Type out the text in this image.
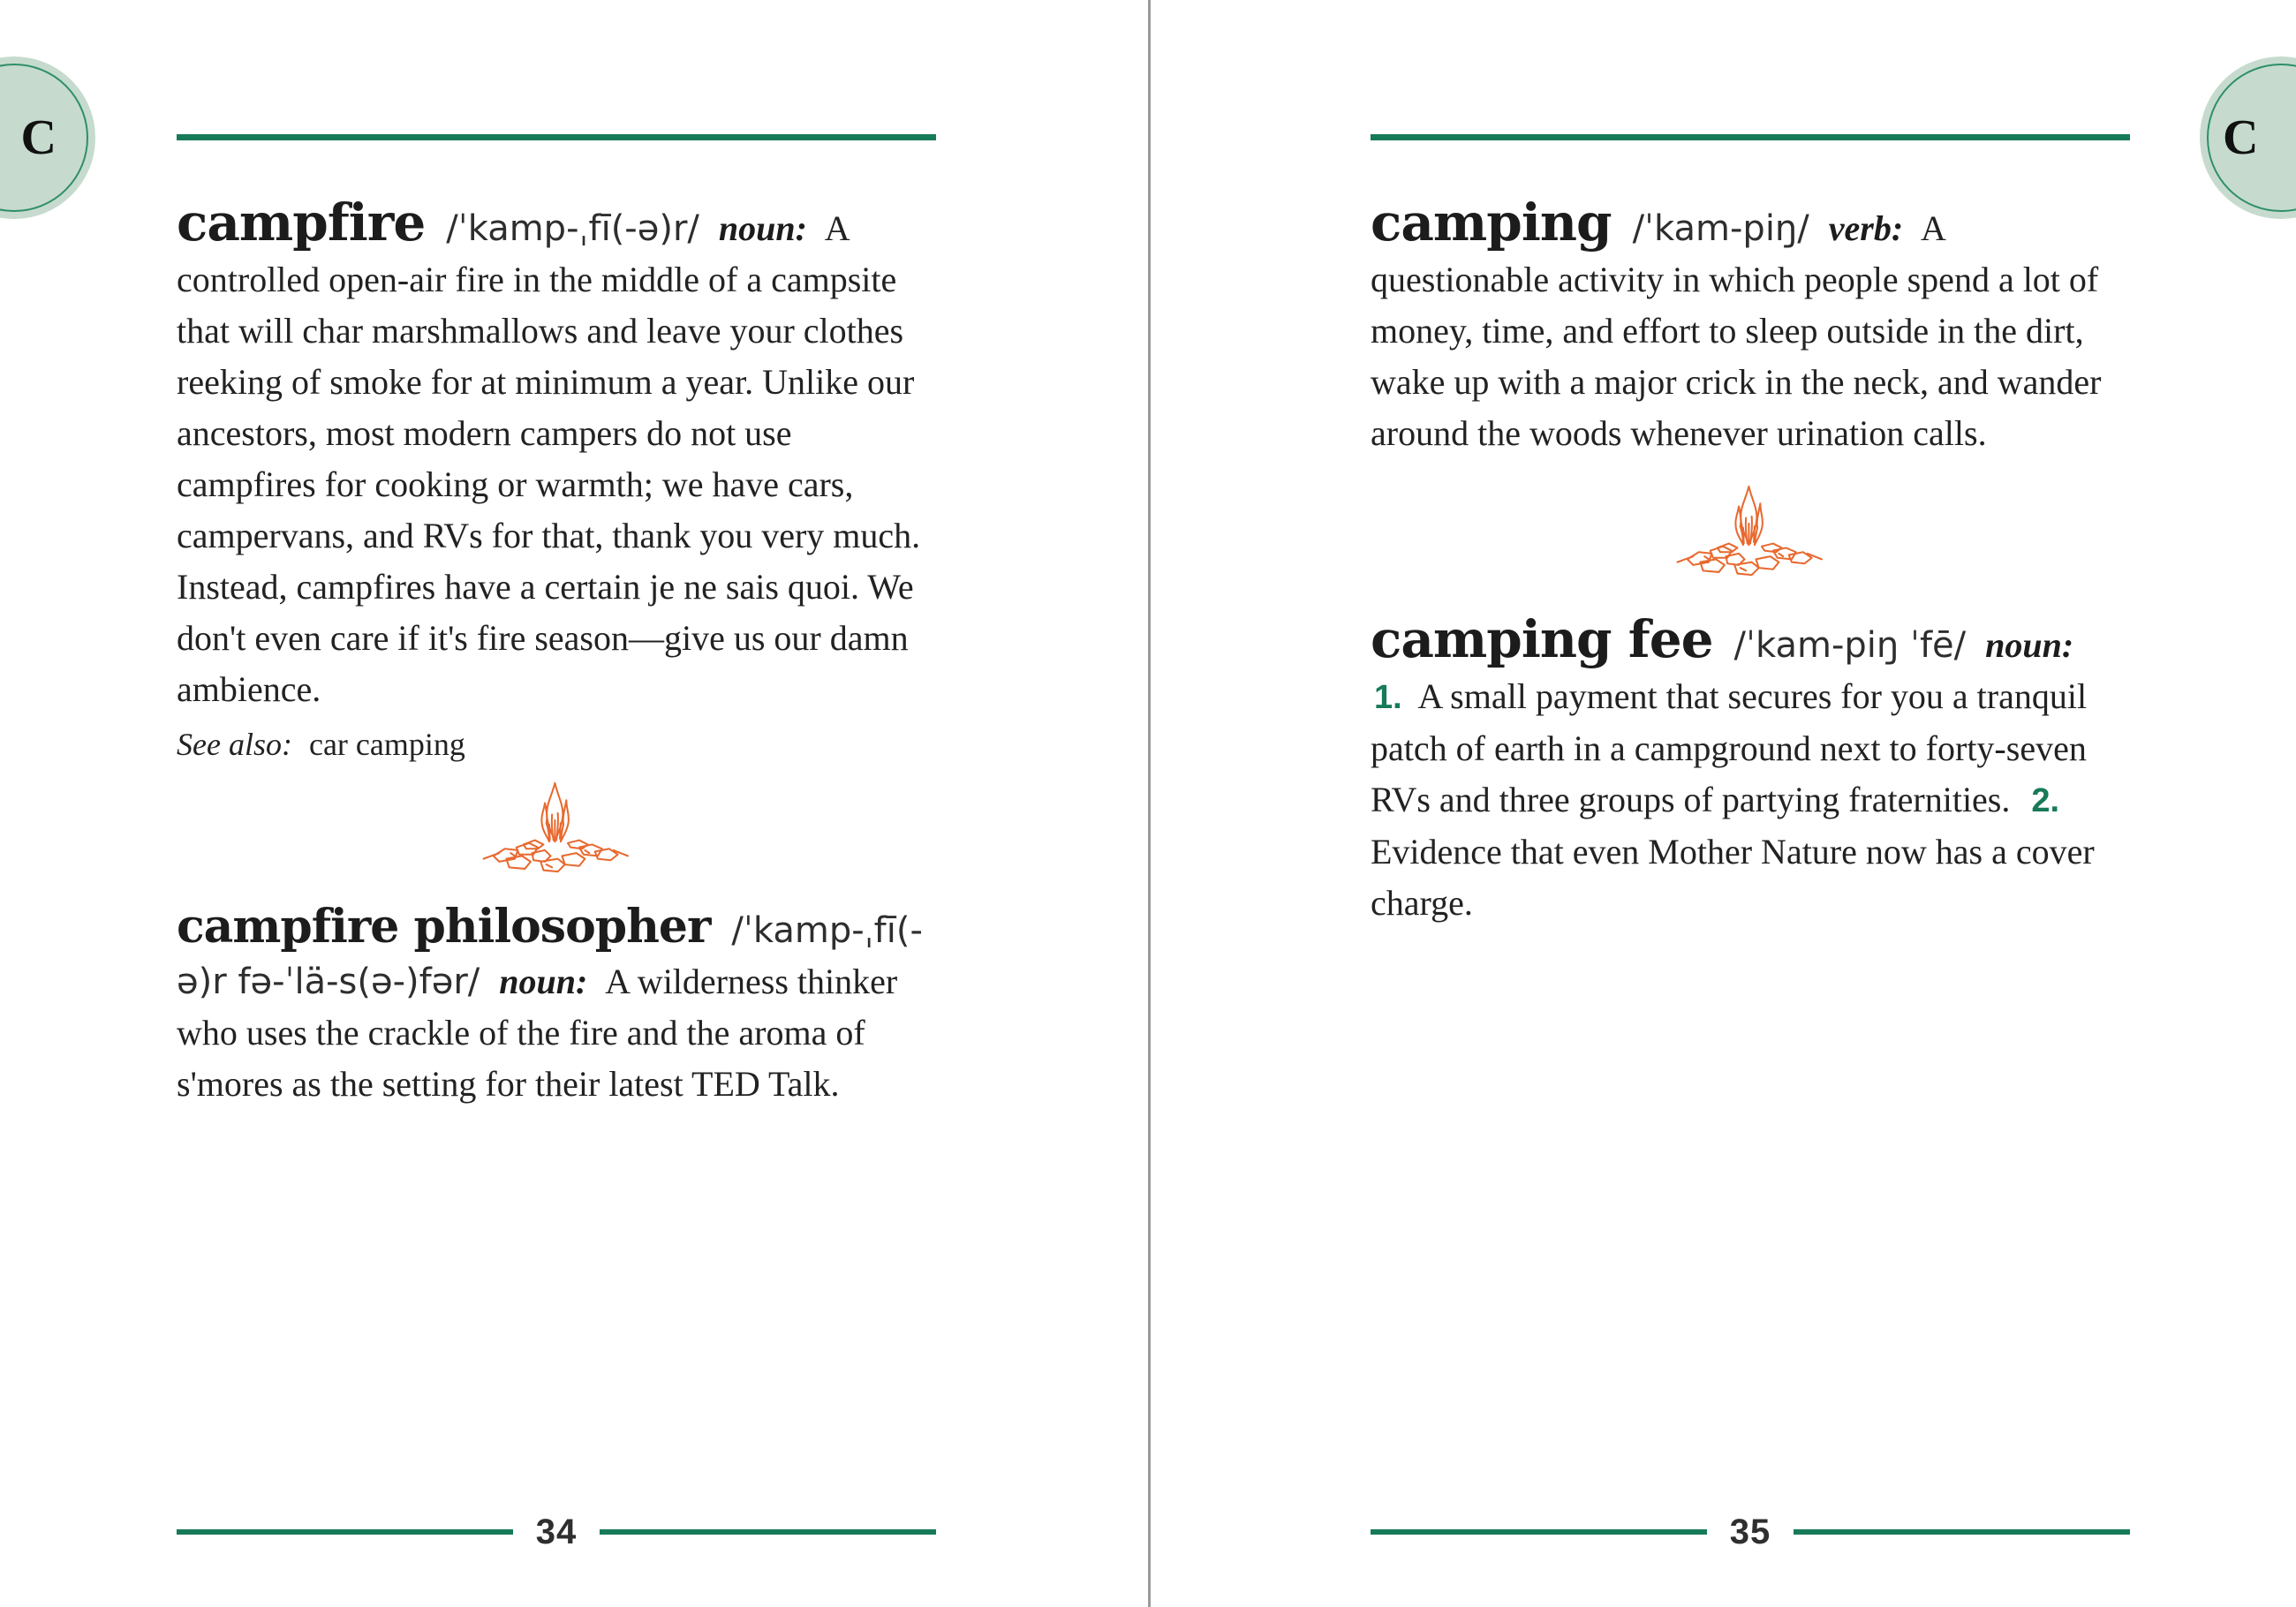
C	C

campfire /ˈkamp-ˌfī(-ə)r/ noun: A controlled open-air fire in the middle of a campsite that will char marshmallows and leave your clothes reeking of smoke for at minimum a year. Unlike our ancestors, most modern campers do not use campfires for cooking or warmth; we have cars, campervans, and RVs for that, thank you very much. Instead, campfires have a certain je ne sais quoi. We don't even care if it's fire season—give us our damn ambience.

See also: car camping

campfire philosopher /ˈkamp-ˌfī(-ə)r fə-ˈlä-s(ə-)fər/ noun: A wilderness thinker who uses the crackle of the fire and the aroma of s'mores as the setting for their latest TED Talk.

34

camping /ˈkam-piŋ/ verb: A questionable activity in which people spend a lot of money, time, and effort to sleep outside in the dirt, wake up with a major crick in the neck, and wander around the woods whenever urination calls.

camping fee /ˈkam-piŋ ˈfē/ noun: 1. A small payment that secures for you a tranquil patch of earth in a campground next to forty-seven RVs and three groups of partying fraternities. 2. Evidence that even Mother Nature now has a cover charge.

35
